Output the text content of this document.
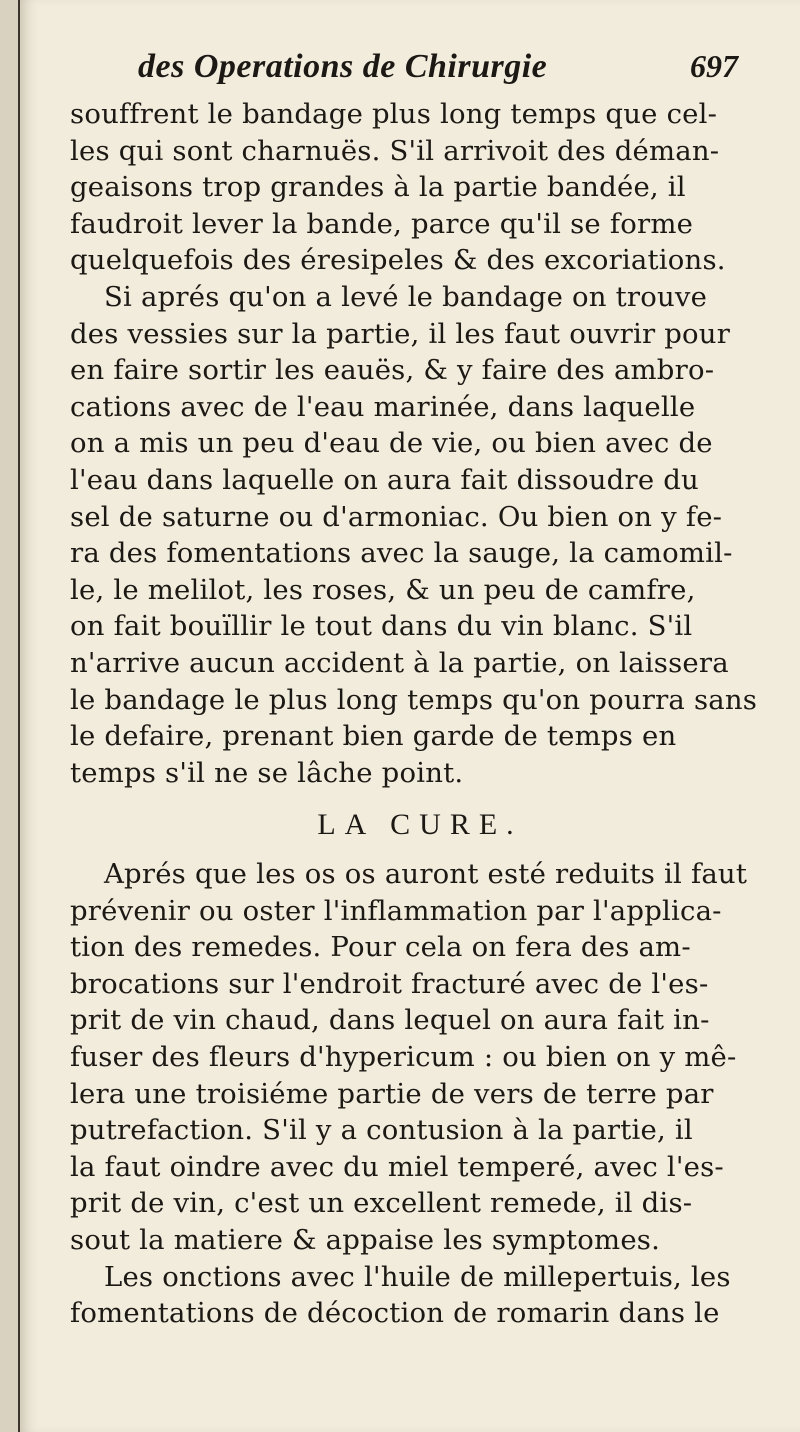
des Operations de Chirurgie	697
souffrent le bandage plus long temps que cel-
les qui sont charnuës. S'il arrivoit des déman-
geaisons trop grandes à la partie bandée, il
faudroit lever la bande, parce qu'il se forme
quelquefois des éresipeles & des excoriations.
Si aprés qu'on a levé le bandage on trouve
des vessies sur la partie, il les faut ouvrir pour
en faire sortir les eauës, & y faire des ambro-
cations avec de l'eau marinée, dans laquelle
on a mis un peu d'eau de vie, ou bien avec de
l'eau dans laquelle on aura fait dissoudre du
sel de saturne ou d'armoniac. Ou bien on y fe-
ra des fomentations avec la sauge, la camomil-
le, le melilot, les roses, & un peu de camfre,
on fait bouïllir le tout dans du vin blanc. S'il
n'arrive aucun accident à la partie, on laissera
le bandage le plus long temps qu'on pourra sans
le defaire, prenant bien garde de temps en
temps s'il ne se lâche point.
LA CURE.
Aprés que les os os auront esté reduits il faut
prévenir ou oster l'inflammation par l'applica-
tion des remedes. Pour cela on fera des am-
brocations sur l'endroit fracturé avec de l'es-
prit de vin chaud, dans lequel on aura fait in-
fuser des fleurs d'hypericum : ou bien on y mê-
lera une troisiéme partie de vers de terre par
putrefaction. S'il y a contusion à la partie, il
la faut oindre avec du miel temperé, avec l'es-
prit de vin, c'est un excellent remede, il dis-
sout la matiere & appaise les symptomes.
Les onctions avec l'huile de millepertuis, les
fomentations de décoction de romarin dans le
